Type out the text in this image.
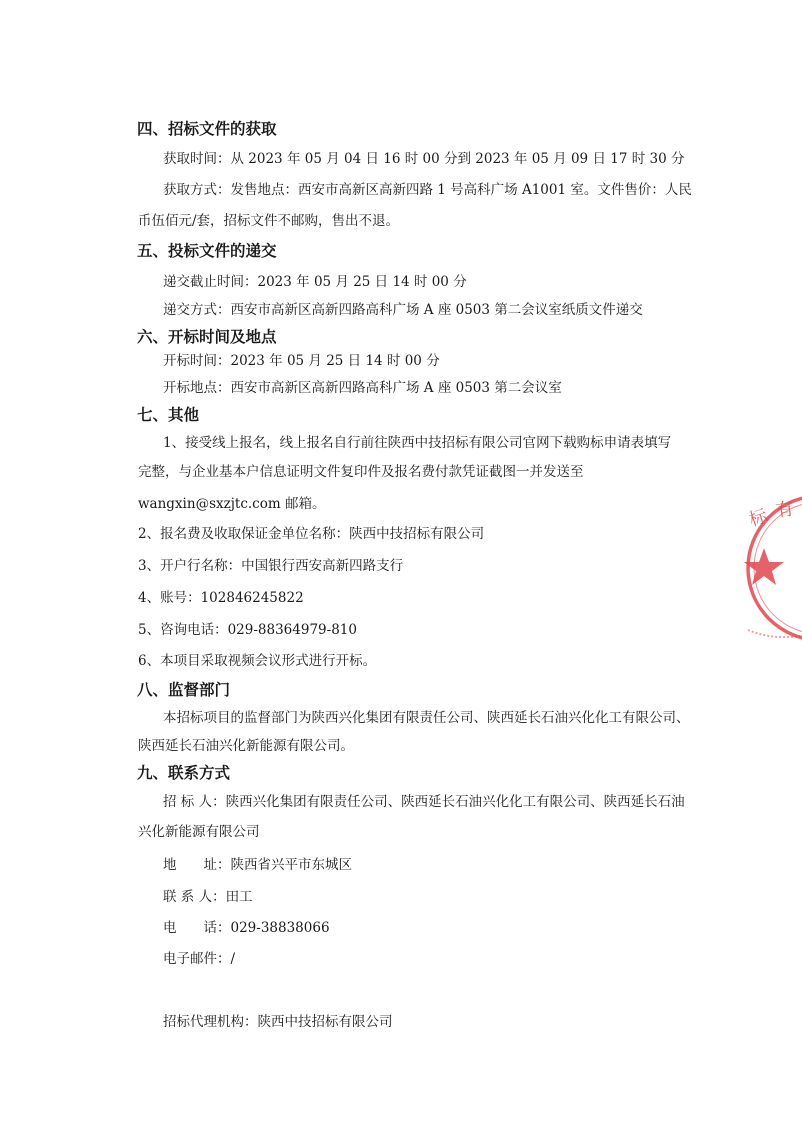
四、招标文件的获取
获取时间：从 2023 年 05 月 04 日 16 时 00 分到 2023 年 05 月 09 日 17 时 30 分
获取方式：发售地点：西安市高新区高新四路 1 号高科广场 A1001 室。文件售价：人民
币伍佰元/套，招标文件不邮购，售出不退。
五、投标文件的递交
递交截止时间：2023 年 05 月 25 日 14 时 00 分
递交方式：西安市高新区高新四路高科广场 A 座 0503 第二会议室纸质文件递交
六、开标时间及地点
开标时间：2023 年 05 月 25 日 14 时 00 分
开标地点：西安市高新区高新四路高科广场 A 座 0503 第二会议室
七、其他
1、接受线上报名，线上报名自行前往陕西中技招标有限公司官网下载购标申请表填写
完整，与企业基本户信息证明文件复印件及报名费付款凭证截图一并发送至
wangxin@sxzjtc.com 邮箱。
2、报名费及收取保证金单位名称：陕西中技招标有限公司
3、开户行名称：中国银行西安高新四路支行
4、账号：102846245822
5、咨询电话：029-88364979-810
6、本项目采取视频会议形式进行开标。
八、监督部门
本招标项目的监督部门为陕西兴化集团有限责任公司、陕西延长石油兴化化工有限公司、
陕西延长石油兴化新能源有限公司。
九、联系方式
招 标 人：陕西兴化集团有限责任公司、陕西延长石油兴化化工有限公司、陕西延长石油
兴化新能源有限公司
地　　址：陕西省兴平市东城区
联 系 人：田工
电　　话：029-38838066
电子邮件：/
招标代理机构：陕西中技招标有限公司
标 有
